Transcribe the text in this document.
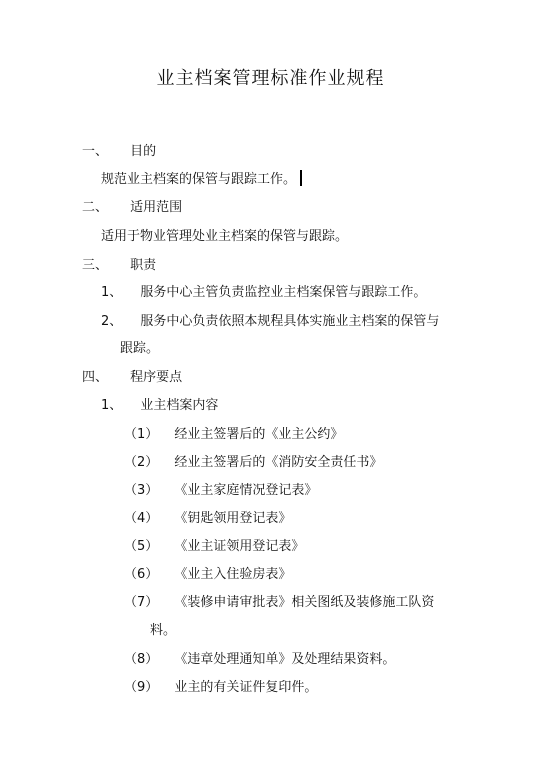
业主档案管理标准作业规程
一、 目的
规范业主档案的保管与跟踪工作。
二、 适用范围
适用于物业管理处业主档案的保管与跟踪。
三、 职责
1、 服务中心主管负责监控业主档案保管与跟踪工作。
2、 服务中心负责依照本规程具体实施业主档案的保管与
跟踪。
四、 程序要点
1、 业主档案内容
（1） 经业主签署后的《业主公约》
（2） 经业主签署后的《消防安全责任书》
（3） 《业主家庭情况登记表》
（4） 《钥匙领用登记表》
（5） 《业主证领用登记表》
（6） 《业主入住验房表》
（7） 《装修申请审批表》相关图纸及装修施工队资
料。
（8） 《违章处理通知单》及处理结果资料。
（9） 业主的有关证件复印件。
